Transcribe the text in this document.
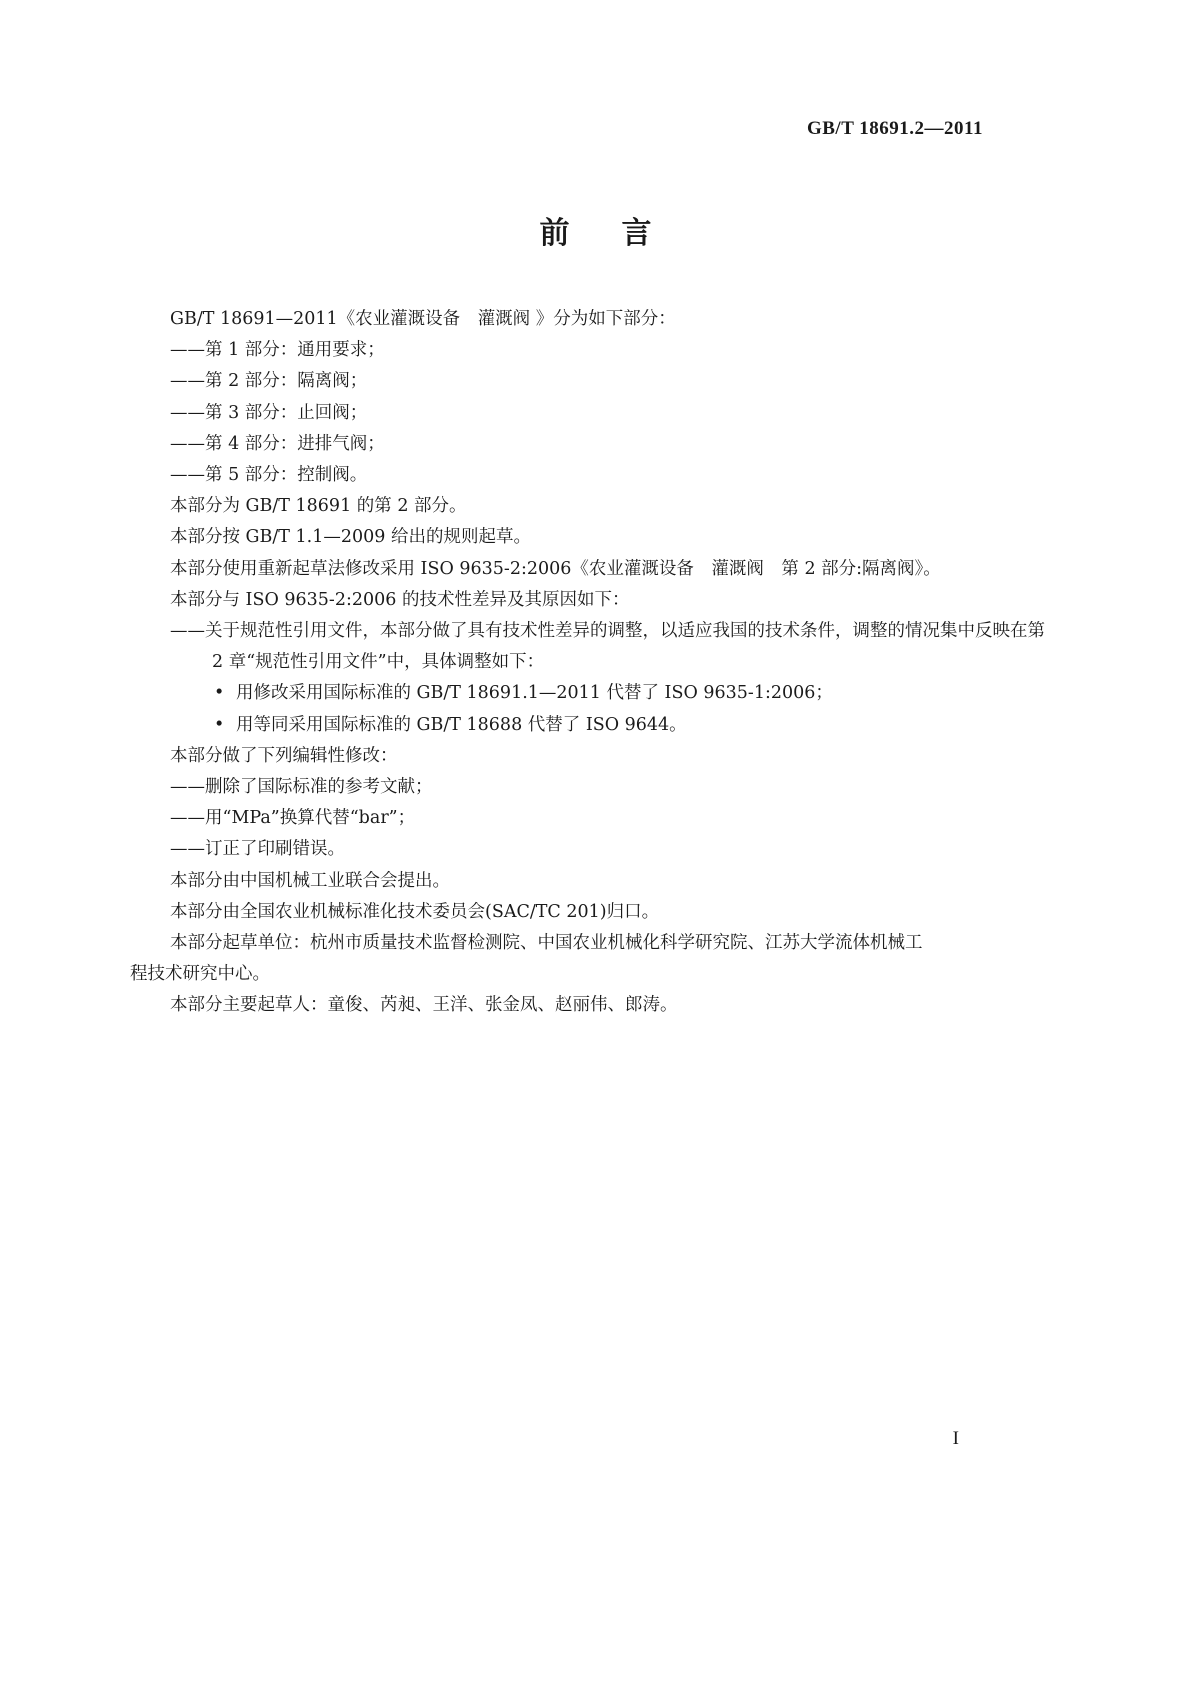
GB/T 18691.2—2011
前言

GB/T 18691—2011《农业灌溉设备　灌溉阀 》分为如下部分：

——第 1 部分：通用要求；

——第 2 部分：隔离阀；

——第 3 部分：止回阀；

——第 4 部分：进排气阀；

——第 5 部分：控制阀。

本部分为 GB/T 18691 的第 2 部分。

本部分按 GB/T 1.1—2009 给出的规则起草。

本部分使用重新起草法修改采用 ISO 9635-2:2006《农业灌溉设备　灌溉阀　第 2 部分:隔离阀》。

本部分与 ISO 9635-2:2006 的技术性差异及其原因如下：

——关于规范性引用文件，本部分做了具有技术性差异的调整，以适应我国的技术条件，调整的情况集中反映在第 2 章“规范性引用文件”中，具体调整如下：

• 用修改采用国际标准的 GB/T 18691.1—2011 代替了 ISO 9635-1:2006；

• 用等同采用国际标准的 GB/T 18688 代替了 ISO 9644。

本部分做了下列编辑性修改：

——删除了国际标准的参考文献；

——用“MPa”换算代替“bar”；

——订正了印刷错误。

本部分由中国机械工业联合会提出。

本部分由全国农业机械标准化技术委员会(SAC/TC 201)归口。

本部分起草单位：杭州市质量技术监督检测院、中国农业机械化科学研究院、江苏大学流体机械工

程技术研究中心。

本部分主要起草人：童俊、芮昶、王洋、张金凤、赵丽伟、郎涛。

I
